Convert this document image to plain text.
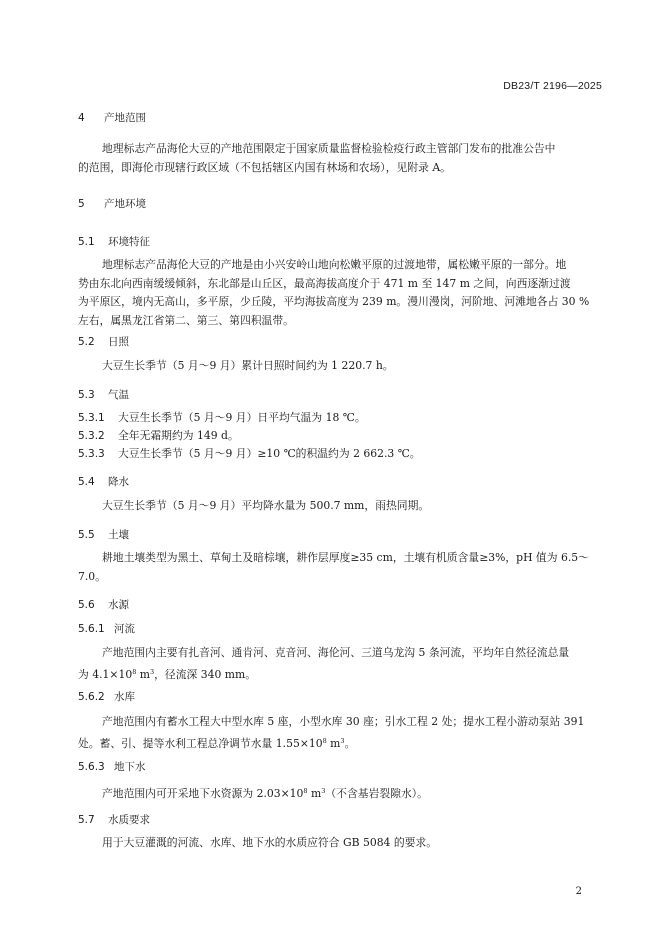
DB23/T 2196—2025
4 产地范围
地理标志产品海伦大豆的产地范围限定于国家质量监督检验检疫行政主管部门发布的批准公告中
的范围，即海伦市现辖行政区域（不包括辖区内国有林场和农场），见附录 A。
5 产地环境
5.1 环境特征
地理标志产品海伦大豆的产地是由小兴安岭山地向松嫩平原的过渡地带，属松嫩平原的一部分。地
势由东北向西南缓缓倾斜，东北部是山丘区，最高海拔高度介于 471 m 至 147 m 之间，向西逐渐过渡
为平原区，境内无高山，多平原，少丘陵，平均海拔高度为 239 m。漫川漫岗，河阶地、河滩地各占 30 %
左右，属黑龙江省第二、第三、第四积温带。
5.2 日照
大豆生长季节（5 月～9 月）累计日照时间约为 1 220.7 h。
5.3 气温
5.3.1 大豆生长季节（5 月～9 月）日平均气温为 18 ℃。
5.3.2 全年无霜期约为 149 d。
5.3.3 大豆生长季节（5 月～9 月）≥10 ℃的积温约为 2 662.3 ℃。
5.4 降水
大豆生长季节（5 月～9 月）平均降水量为 500.7 mm，雨热同期。
5.5 土壤
耕地土壤类型为黑土、草甸土及暗棕壤，耕作层厚度≥35 cm，土壤有机质含量≥3%，pH 值为 6.5～
7.0。
5.6 水源
5.6.1 河流
产地范围内主要有扎音河、通肯河、克音河、海伦河、三道乌龙沟 5 条河流，平均年自然径流总量
为 $4.1\times 10^8$ $m^3$，径流深 340 mm。
5.6.2 水库
产地范围内有蓄水工程大中型水库 5 座，小型水库 30 座；引水工程 2 处；提水工程小游动泵站 391
处。蓄、引、提等水利工程总净调节水量 $1.55\times 10^8$ $m^3$。
5.6.3 地下水
产地范围内可开采地下水资源为 $2.03\times 10^8$ $m^3$（不含基岩裂隙水）。
5.7 水质要求
用于大豆灌溉的河流、水库、地下水的水质应符合 GB 5084 的要求。
2
